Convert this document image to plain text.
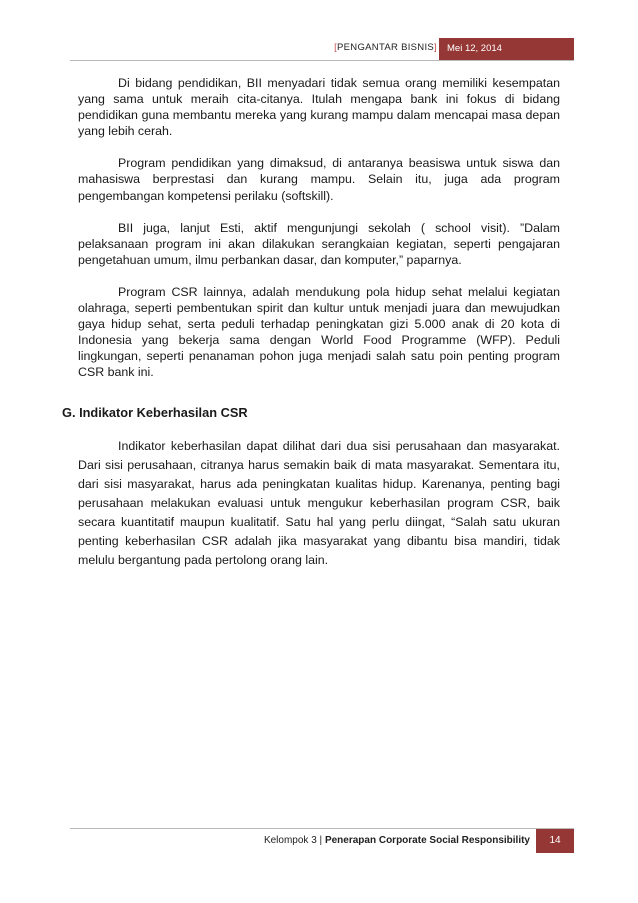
[PENGANTAR BISNIS]	Mei 12, 2014

Di bidang pendidikan, BII menyadari tidak semua orang memiliki kesempatan yang sama untuk meraih cita-citanya. Itulah mengapa bank ini fokus di bidang pendidikan guna membantu mereka yang kurang mampu dalam mencapai masa depan yang lebih cerah.

Program pendidikan yang dimaksud, di antaranya beasiswa untuk siswa dan mahasiswa berprestasi dan kurang mampu. Selain itu, juga ada program pengembangan kompetensi perilaku (softskill).

BII juga, lanjut Esti, aktif mengunjungi sekolah ( school visit). ”Dalam pelaksanaan program ini akan dilakukan serangkaian kegiatan, seperti pengajaran pengetahuan umum, ilmu perbankan dasar, dan komputer,” paparnya.

Program CSR lainnya, adalah mendukung pola hidup sehat melalui kegiatan olahraga, seperti pembentukan spirit dan kultur untuk menjadi juara dan mewujudkan gaya hidup sehat, serta peduli terhadap peningkatan gizi 5.000 anak di 20 kota di Indonesia yang bekerja sama dengan World Food Programme (WFP). Peduli lingkungan, seperti penanaman pohon juga menjadi salah satu poin penting program CSR bank ini.

G. Indikator Keberhasilan CSR

Indikator keberhasilan dapat dilihat dari dua sisi perusahaan dan masyarakat. Dari sisi perusahaan, citranya harus semakin baik di mata masyarakat. Sementara itu, dari sisi masyarakat, harus ada peningkatan kualitas hidup. Karenanya, penting bagi perusahaan melakukan evaluasi untuk mengukur keberhasilan program CSR, baik secara kuantitatif maupun kualitatif. Satu hal yang perlu diingat, “Salah satu ukuran penting keberhasilan CSR adalah jika masyarakat yang dibantu bisa mandiri, tidak melulu bergantung pada pertolong orang lain.

Kelompok 3 | Penerapan Corporate Social Responsibility	14
